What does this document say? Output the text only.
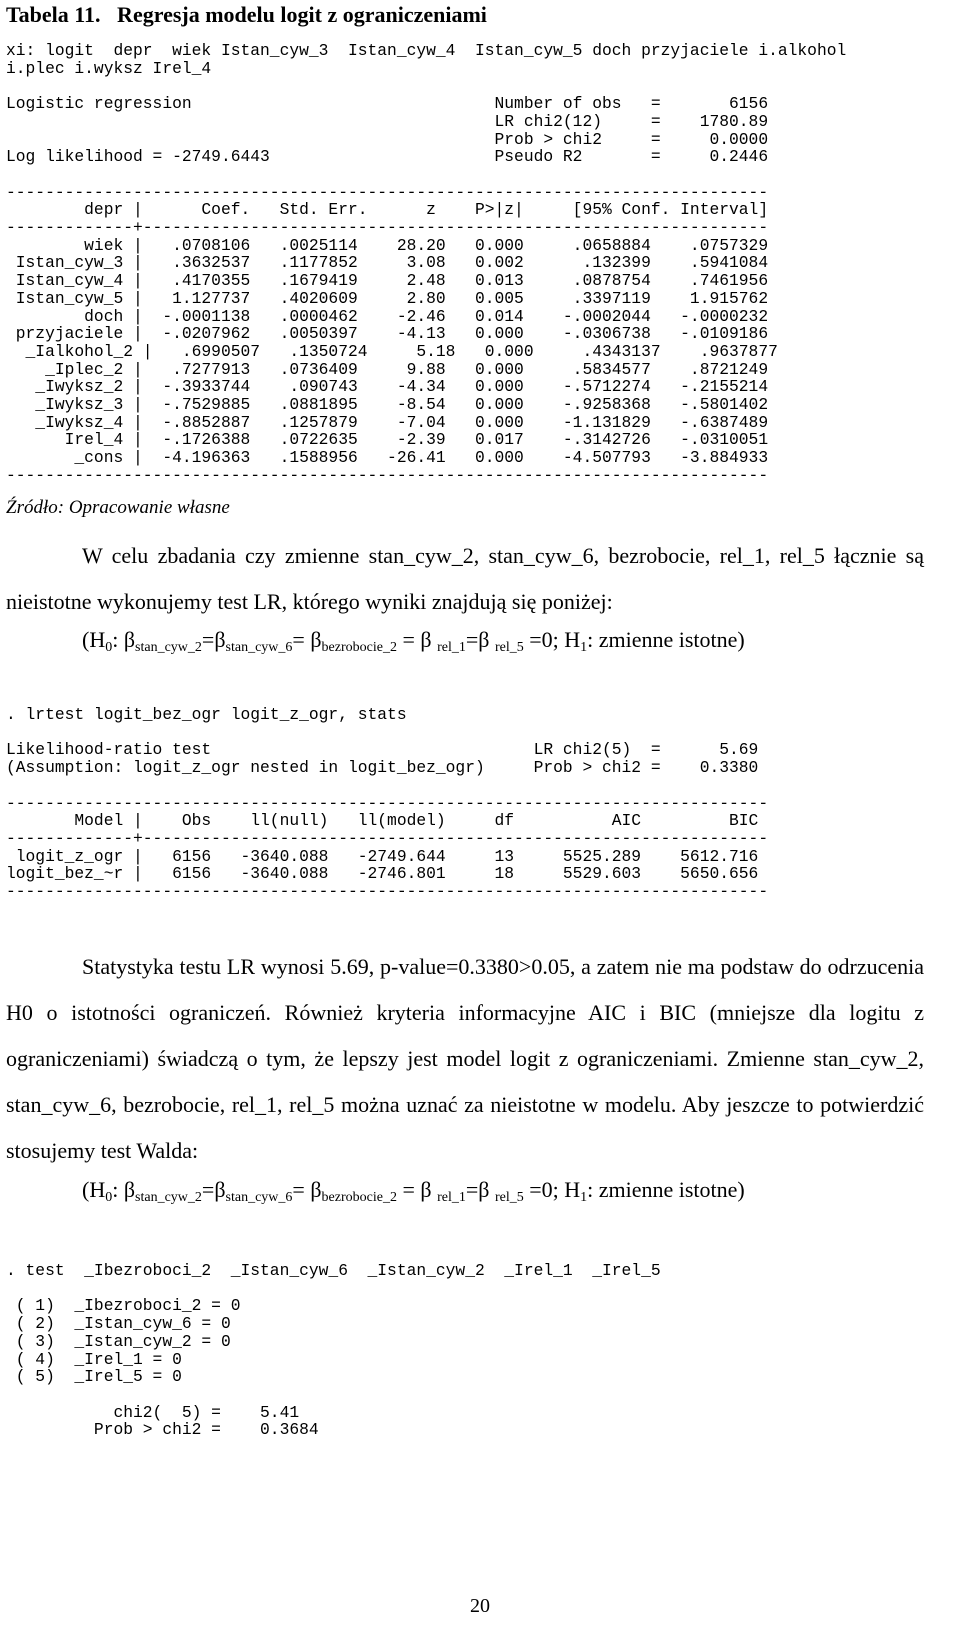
Tabela 11.   Regresja modelu logit z ograniczeniami
xi: logit  depr  wiek Istan_cyw_3  Istan_cyw_4  Istan_cyw_5 doch przyjaciele i.alkohol
i.plec i.wyksz Irel_4

Logistic regression                               Number of obs   =       6156
LR chi2(12)     =    1780.89
Prob > chi2     =     0.0000
Log likelihood = -2749.6443                       Pseudo R2       =     0.2446

------------------------------------------------------------------------------
depr |      Coef.   Std. Err.      z    P>|z|     [95% Conf. Interval]
-------------+----------------------------------------------------------------
wiek |   .0708106   .0025114    28.20   0.000     .0658884    .0757329
Istan_cyw_3 |   .3632537   .1177852     3.08   0.002      .132399    .5941084
Istan_cyw_4 |   .4170355   .1679419     2.48   0.013     .0878754    .7461956
Istan_cyw_5 |   1.127737   .4020609     2.80   0.005     .3397119    1.915762
doch |  -.0001138   .0000462    -2.46   0.014    -.0002044   -.0000232
przyjaciele |  -.0207962   .0050397    -4.13   0.000    -.0306738   -.0109186
_Ialkohol_2 |   .6990507   .1350724     5.18   0.000     .4343137    .9637877
_Iplec_2 |   .7277913   .0736409     9.88   0.000     .5834577    .8721249
_Iwyksz_2 |  -.3933744    .090743    -4.34   0.000    -.5712274   -.2155214
_Iwyksz_3 |  -.7529885   .0881895    -8.54   0.000    -.9258368   -.5801402
_Iwyksz_4 |  -.8852887   .1257879    -7.04   0.000    -1.131829   -.6387489
Irel_4 |  -.1726388   .0722635    -2.39   0.017    -.3142726   -.0310051
_cons |  -4.196363   .1588956   -26.41   0.000    -4.507793   -3.884933
------------------------------------------------------------------------------
Źródło: Opracowanie własne
W celu zbadania czy zmienne stan_cyw_2, stan_cyw_6, bezrobocie, rel_1, rel_5 łącznie są nieistotne wykonujemy test LR, którego wyniki znajdują się poniżej:
($H_0$: $\beta_{stan\_cyw\_2}=\beta_{stan\_cyw\_6}= \beta_{bezrobocie\_2} = \beta$ $_{rel\_1}$=β $_{rel\_5}$ =0; $H_1$: zmienne istotne)
. lrtest logit_bez_ogr logit_z_ogr, stats

Likelihood-ratio test                                 LR chi2(5)  =      5.69
(Assumption: logit_z_ogr nested in logit_bez_ogr)     Prob > chi2 =    0.3380

------------------------------------------------------------------------------
Model |    Obs    ll(null)   ll(model)     df          AIC         BIC
-------------+----------------------------------------------------------------
logit_z_ogr |   6156   -3640.088   -2749.644     13     5525.289    5612.716
logit_bez_~r |   6156   -3640.088   -2746.801     18     5529.603    5650.656
------------------------------------------------------------------------------
Statystyka testu LR wynosi 5.69, p-value=0.3380>0.05, a zatem nie ma podstaw do odrzucenia H0 o istotności ograniczeń. Również kryteria informacyjne AIC i BIC (mniejsze dla logitu z ograniczeniami) świadczą o tym, że lepszy jest model logit z ograniczeniami. Zmienne stan_cyw_2, stan_cyw_6, bezrobocie, rel_1, rel_5 można uznać za nieistotne w modelu. Aby jeszcze to potwierdzić stosujemy test Walda:
($H_0$: $\beta_{stan\_cyw\_2}=\beta_{stan\_cyw\_6}= \beta_{bezrobocie\_2} = \beta$ $_{rel\_1}$=β $_{rel\_5}$ =0; $H_1$: zmienne istotne)
. test  _Ibezroboci_2  _Istan_cyw_6  _Istan_cyw_2  _Irel_1  _Irel_5

( 1)  _Ibezroboci_2 = 0
( 2)  _Istan_cyw_6 = 0
( 3)  _Istan_cyw_2 = 0
( 4)  _Irel_1 = 0
( 5)  _Irel_5 = 0

chi2(  5) =    5.41
Prob > chi2 =    0.3684
20
